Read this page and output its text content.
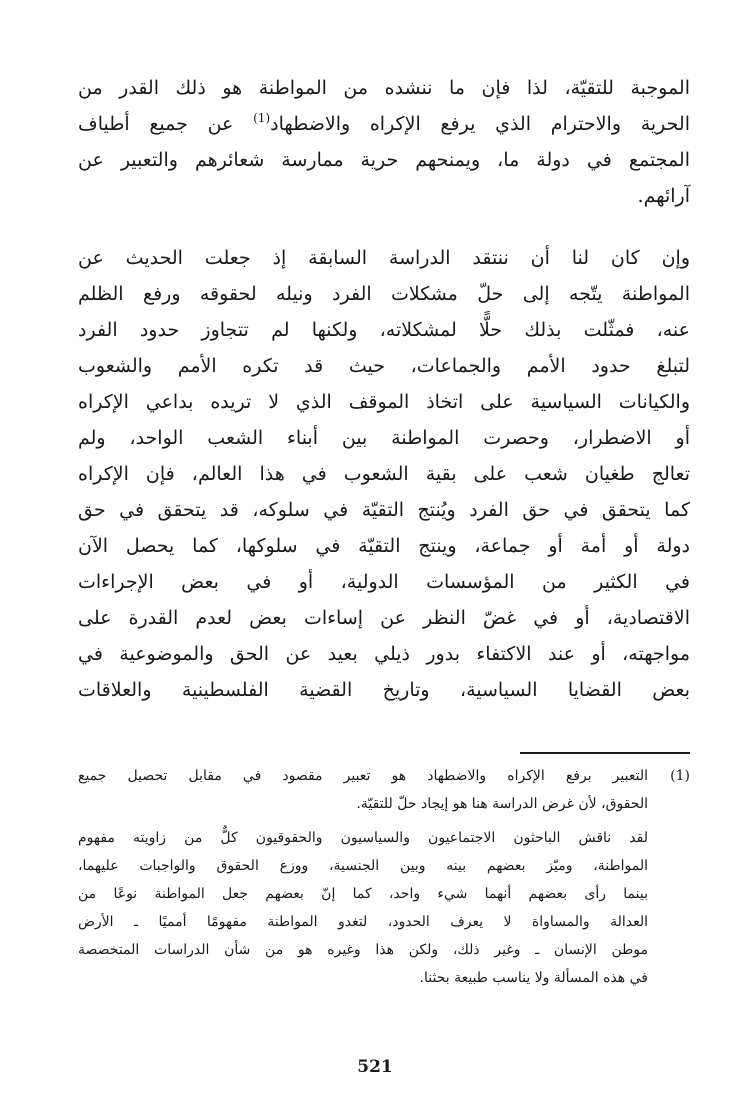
الموجبة للتقيّة، لذا فإن ما ننشده من المواطنة هو ذلك القدر من
الحرية والاحترام الذي يرفع الإكراه والاضطهاد$^{(1)}$ عن جميع أطياف
المجتمع في دولة ما، ويمنحهم حرية ممارسة شعائرهم والتعبير عن
آرائهم.

وإن كان لنا أن ننتقد الدراسة السابقة إذ جعلت الحديث عن
المواطنة يتّجه إلى حلّ مشكلات الفرد ونيله لحقوقه ورفع الظلم
عنه، فمثّلت بذلك حلًّا لمشكلاته، ولكنها لم تتجاوز حدود الفرد
لتبلغ حدود الأمم والجماعات، حيث قد تكره الأمم والشعوب
والكيانات السياسية على اتخاذ الموقف الذي لا تريده بداعي الإكراه
أو الاضطرار، وحصرت المواطنة بين أبناء الشعب الواحد، ولم
تعالج طغيان شعب على بقية الشعوب في هذا العالم، فإن الإكراه
كما يتحقق في حق الفرد ويُنتج التقيّة في سلوكه، قد يتحقق في حق
دولة أو أمة أو جماعة، وينتج التقيّة في سلوكها، كما يحصل الآن
في الكثير من المؤسسات الدولية، أو في بعض الإجراءات
الاقتصادية، أو في غضّ النظر عن إساءات بعض لعدم القدرة على
مواجهته، أو عند الاكتفاء بدور ذيلي بعيد عن الحق والموضوعية في
بعض القضايا السياسية، وتاريخ القضية الفلسطينية والعلاقات

(1)
التعبير برفع الإكراه والاضطهاد هو تعبير مقصود في مقابل تحصيل جميع
الحقوق، لأن غرض الدراسة هنا هو إيجاد حلّ للتقيّة.
لقد ناقش الباحثون الاجتماعيون والسياسيون والحقوقيون كلٌّ من زاويته مفهوم
المواطنة، وميّز بعضهم بينه وبين الجنسية، ووزع الحقوق والواجبات عليهما،
بينما رأى بعضهم أنهما شيء واحد، كما إنّ بعضهم جعل المواطنة نوعًا من
العدالة والمساواة لا يعرف الحدود، لتغدو المواطنة مفهومًا أمميًا ـ الأرض
موطن الإنسان ـ وغير ذلك، ولكن هذا وغيره هو من شأن الدراسات المتخصصة
في هذه المسألة ولا يناسب طبيعة بحثنا.
521
